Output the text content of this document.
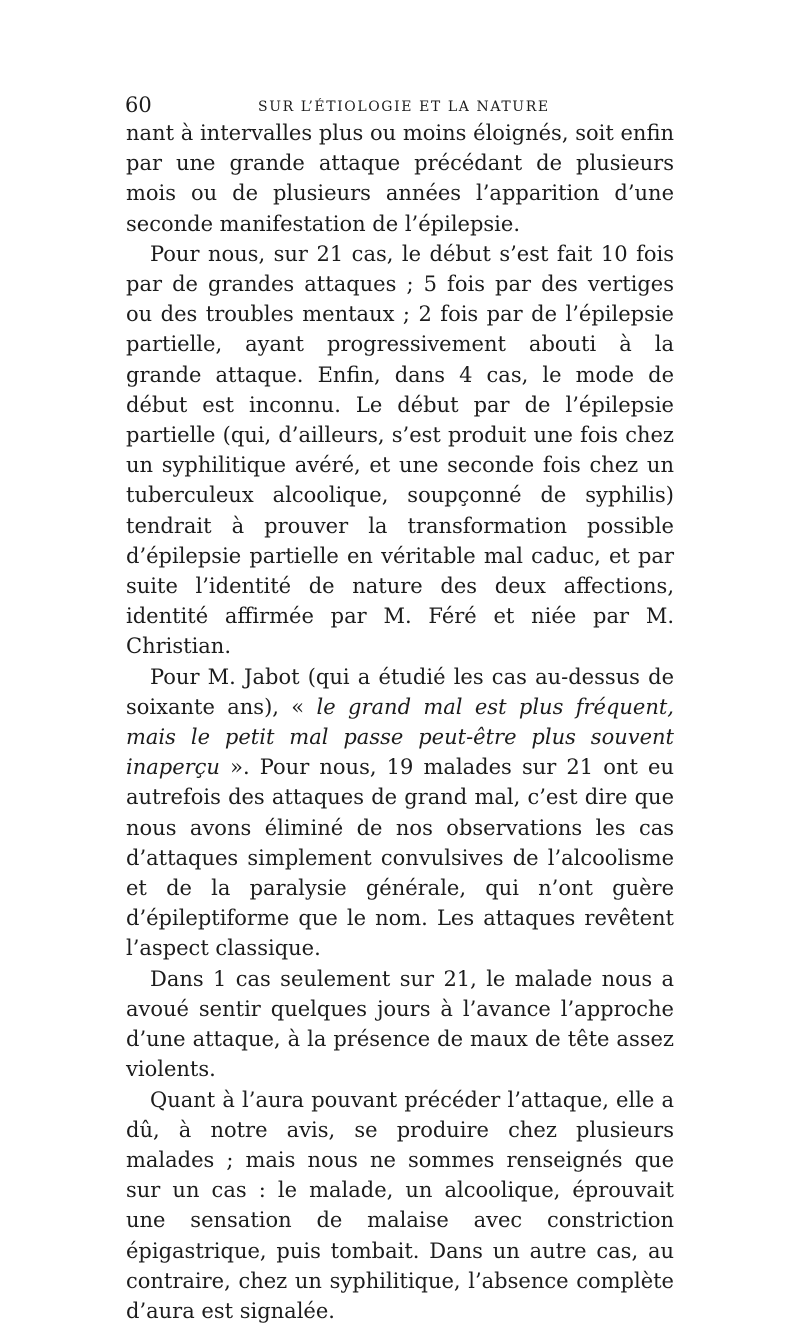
60	SUR L’ÉTIOLOGIE ET LA NATURE

nant à intervalles plus ou moins éloignés, soit enfin par une grande attaque précédant de plusieurs mois ou de plusieurs années l’apparition d’une seconde manifestation de l’épilepsie.

Pour nous, sur 21 cas, le début s’est fait 10 fois par de grandes attaques ; 5 fois par des vertiges ou des troubles mentaux ; 2 fois par de l’épilepsie partielle, ayant progressivement abouti à la grande attaque. Enfin, dans 4 cas, le mode de début est inconnu. Le début par de l’épilepsie partielle (qui, d’ailleurs, s’est produit une fois chez un syphilitique avéré, et une seconde fois chez un tuberculeux alcoolique, soupçonné de syphilis) tendrait à prouver la transformation possible d’épilepsie partielle en véritable mal caduc, et par suite l’identité de nature des deux affections, identité affirmée par M. Féré et niée par M. Christian.

Pour M. Jabot (qui a étudié les cas au-dessus de soixante ans), « le grand mal est plus fréquent, mais le petit mal passe peut-être plus souvent inaperçu ». Pour nous, 19 malades sur 21 ont eu autrefois des attaques de grand mal, c’est dire que nous avons éliminé de nos observations les cas d’attaques simplement convulsives de l’alcoolisme et de la paralysie générale, qui n’ont guère d’épileptiforme que le nom. Les attaques revêtent l’aspect classique.

Dans 1 cas seulement sur 21, le malade nous a avoué sentir quelques jours à l’avance l’approche d’une attaque, à la présence de maux de tête assez violents.

Quant à l’aura pouvant précéder l’attaque, elle a dû, à notre avis, se produire chez plusieurs malades ; mais nous ne sommes renseignés que sur un cas : le malade, un alcoolique, éprouvait une sensation de malaise avec constriction épigastrique, puis tombait. Dans un autre cas, au contraire, chez un syphilitique, l’absence complète d’aura est signalée.
